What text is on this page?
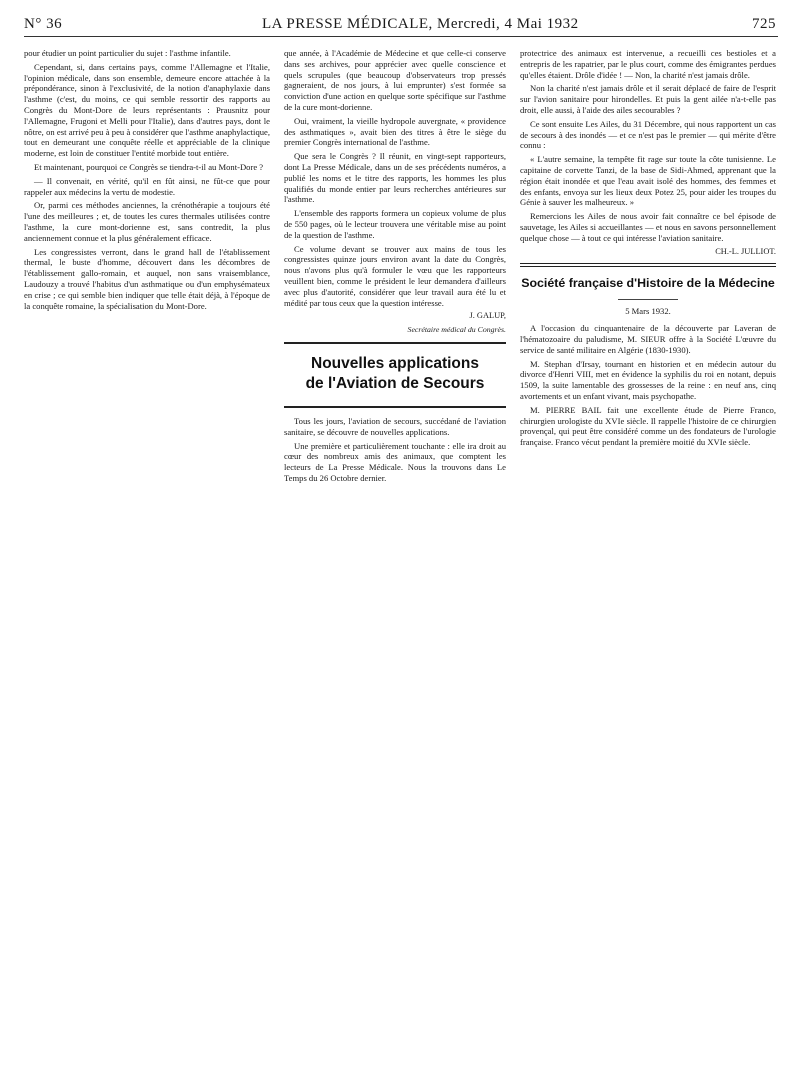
N° 36	LA PRESSE MÉDICALE, Mercredi, 4 Mai 1932	725

pour étudier un point particulier du sujet : l'asthme infantile.

Cependant, si, dans certains pays, comme l'Allemagne et l'Italie, l'opinion médicale, dans son ensemble, demeure encore attachée à la prépondérance, sinon à l'exclusivité, de la notion d'anaphylaxie dans l'asthme (c'est, du moins, ce qui semble ressortir des rapports au Congrès du Mont-Dore de leurs représentants : Prausnitz pour l'Allemagne, Frugoni et Melli pour l'Italie), dans d'autres pays, dont le nôtre, on est arrivé peu à peu à considérer que l'asthme anaphylactique, tout en demeurant une conquête réelle et appréciable de la clinique moderne, est loin de constituer l'entité morbide tout entière.

Et maintenant, pourquoi ce Congrès se tiendra-t-il au Mont-Dore ?

— Il convenait, en vérité, qu'il en fût ainsi, ne fût-ce que pour rappeler aux médecins la vertu de modestie.

Or, parmi ces méthodes anciennes, la crénothérapie a toujours été l'une des meilleures ; et, de toutes les cures thermales utilisées contre l'asthme, la cure mont-dorienne est, sans contredit, la plus anciennement connue et la plus généralement efficace.

Les congressistes verront, dans le grand hall de l'établissement thermal, le buste d'homme, découvert dans les décombres de l'établissement gallo-romain, et auquel, non sans vraisemblance, Laudouzy a trouvé l'habitus d'un asthmatique ou d'un emphysémateux en crise ; ce qui semble bien indiquer que telle était déjà, à l'époque de la conquête romaine, la spécialisation du Mont-Dore.

que année, à l'Académie de Médecine et que celle-ci conserve dans ses archives, pour apprécier avec quelle conscience et quels scrupules (que beaucoup d'observateurs trop pressés gagneraient, de nos jours, à lui emprunter) s'est formée sa conviction d'une action en quelque sorte spécifique sur l'asthme de la cure mont-dorienne.

Oui, vraiment, la vieille hydropole auvergnate, « providence des asthmatiques », avait bien des titres à être le siège du premier Congrès international de l'asthme.

Que sera le Congrès ? Il réunit, en vingt-sept rapporteurs, dont La Presse Médicale, dans un de ses précédents numéros, a publié les noms et le titre des rapports, les hommes les plus qualifiés du monde entier par leurs recherches antérieures sur l'asthme.

L'ensemble des rapports formera un copieux volume de plus de 550 pages, où le lecteur trouvera une véritable mise au point de la question de l'asthme.

Ce volume devant se trouver aux mains de tous les congressistes quinze jours environ avant la date du Congrès, nous n'avons plus qu'à formuler le vœu que les rapporteurs veuillent bien, comme le président le leur demandera d'ailleurs avec plus d'autorité, considérer que leur travail aura été lu et médité par tous ceux que la question intéresse.

J. GALUP,

Secrétaire médical du Congrès.

Nouvelles applications
de l'Aviation de Secours

Tous les jours, l'aviation de secours, succédané de l'aviation sanitaire, se découvre de nouvelles applications.

Une première et particulièrement touchante : elle ira droit au cœur des nombreux amis des animaux, que comptent les lecteurs de La Presse Médicale. Nous la trouvons dans Le Temps du 26 Octobre dernier.

protectrice des animaux est intervenue, a recueilli ces bestioles et a entrepris de les rapatrier, par le plus court, comme des émigrantes perdues qu'elles étaient. Drôle d'idée ! — Non, la charité n'est jamais drôle.

Non la charité n'est jamais drôle et il serait déplacé de faire de l'esprit sur l'avion sanitaire pour hirondelles. Et puis la gent ailée n'a-t-elle pas droit, elle aussi, à l'aide des ailes secourables ?

Ce sont ensuite Les Ailes, du 31 Décembre, qui nous rapportent un cas de secours à des inondés — et ce n'est pas le premier — qui mérite d'être connu :

« L'autre semaine, la tempête fit rage sur toute la côte tunisienne. Le capitaine de corvette Tanzi, de la base de Sidi-Ahmed, apprenant que la région était inondée et que l'eau avait isolé des hommes, des femmes et des enfants, envoya sur les lieux deux Potez 25, pour aider les troupes du Génie à sauver les malheureux. »

Remercions les Ailes de nous avoir fait connaître ce bel épisode de sauvetage, les Ailes si accueillantes — et nous en savons personnellement quelque chose — à tout ce qui intéresse l'aviation sanitaire.

CH.-L. JULLIOT.

Société française d'Histoire de la Médecine

5 Mars 1932.

A l'occasion du cinquantenaire de la découverte par Laveran de l'hématozoaire du paludisme, M. SIEUR offre à la Société L'œuvre du service de santé militaire en Algérie (1830-1930).

M. Stephan d'Irsay, tournant en historien et en médecin autour du divorce d'Henri VIII, met en évidence la syphilis du roi en notant, depuis 1509, la suite lamentable des grossesses de la reine : en neuf ans, cinq avortements et un enfant vivant, mais psychopathe.

M. PIERRE BAIL fait une excellente étude de Pierre Franco, chirurgien urologiste du XVIe siècle. Il rappelle l'histoire de ce chirurgien provençal, qui peut être considéré comme un des fondateurs de l'urologie française. Franco vécut pendant la première moitié du XVIe siècle.
